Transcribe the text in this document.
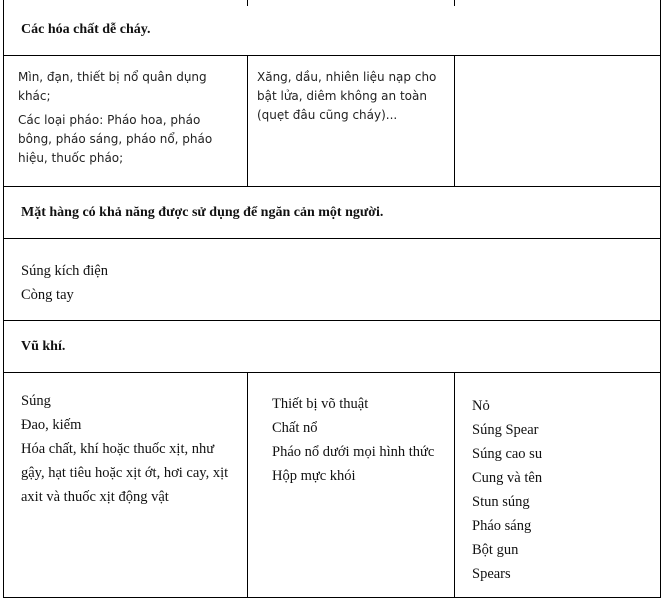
Các hóa chất dễ cháy.

Mìn, đạn, thiết bị nổ quân dụng khác;

Các loại pháo: Pháo hoa, pháo bông, pháo sáng, pháo nổ, pháo hiệu, thuốc pháo;

Xăng, dầu, nhiên liệu nạp cho bật lửa, diêm không an toàn (quẹt đâu cũng cháy)...

Mặt hàng có khả năng được sử dụng để ngăn cản một người.

Súng kích điện

Còng tay

Vũ khí.

Súng

Đao, kiếm

Hóa chất, khí hoặc thuốc xịt, như gậy, hạt tiêu hoặc xịt ớt, hơi cay, xịt axit và thuốc xịt động vật

Thiết bị võ thuật

Chất nổ

Pháo nổ dưới mọi hình thức

Hộp mực khói

Nỏ

Súng Spear

Súng cao su

Cung và tên

Stun súng

Pháo sáng

Bột gun

Spears
